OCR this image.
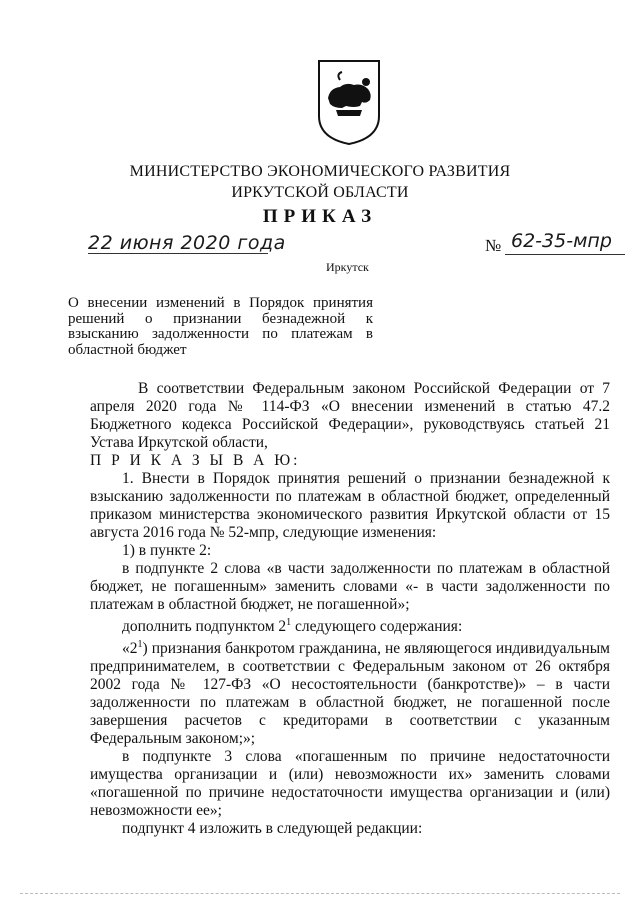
МИНИСТЕРСТВО ЭКОНОМИЧЕСКОГО РАЗВИТИЯ
ИРКУТСКОЙ ОБЛАСТИ
ПРИКАЗ
22 июня 2020 года	№ 62-35-мпр
Иркутск
О внесении изменений в Порядок принятия решений о признании безнадежной к взысканию задолженности по платежам в областной бюджет

В соответствии Федеральным законом Российской Федерации от 7 апреля 2020 года № 114-ФЗ «О внесении изменений в статью 47.2 Бюджетного кодекса Российской Федерации», руководствуясь статьей 21 Устава Иркутской области,

П Р И К А З Ы В А Ю:

1. Внести в Порядок принятия решений о признании безнадежной к взысканию задолженности по платежам в областной бюджет, определенный приказом министерства экономического развития Иркутской области от 15 августа 2016 года № 52-мпр, следующие изменения:

1) в пункте 2:

в подпункте 2 слова «в части задолженности по платежам в областной бюджет, не погашенным» заменить словами «- в части задолженности по платежам в областной бюджет, не погашенной»;

дополнить подпунктом $2^1$ следующего содержания:

«$2^1$) признания банкротом гражданина, не являющегося индивидуальным предпринимателем, в соответствии с Федеральным законом от 26 октября 2002 года № 127-ФЗ «О несостоятельности (банкротстве)» – в части задолженности по платежам в областной бюджет, не погашенной после завершения расчетов с кредиторами в соответствии с указанным Федеральным законом;»;

в подпункте 3 слова «погашенным по причине недостаточности имущества организации и (или) невозможности их» заменить словами «погашенной по причине недостаточности имущества организации и (или) невозможности ее»;

подпункт 4 изложить в следующей редакции:
